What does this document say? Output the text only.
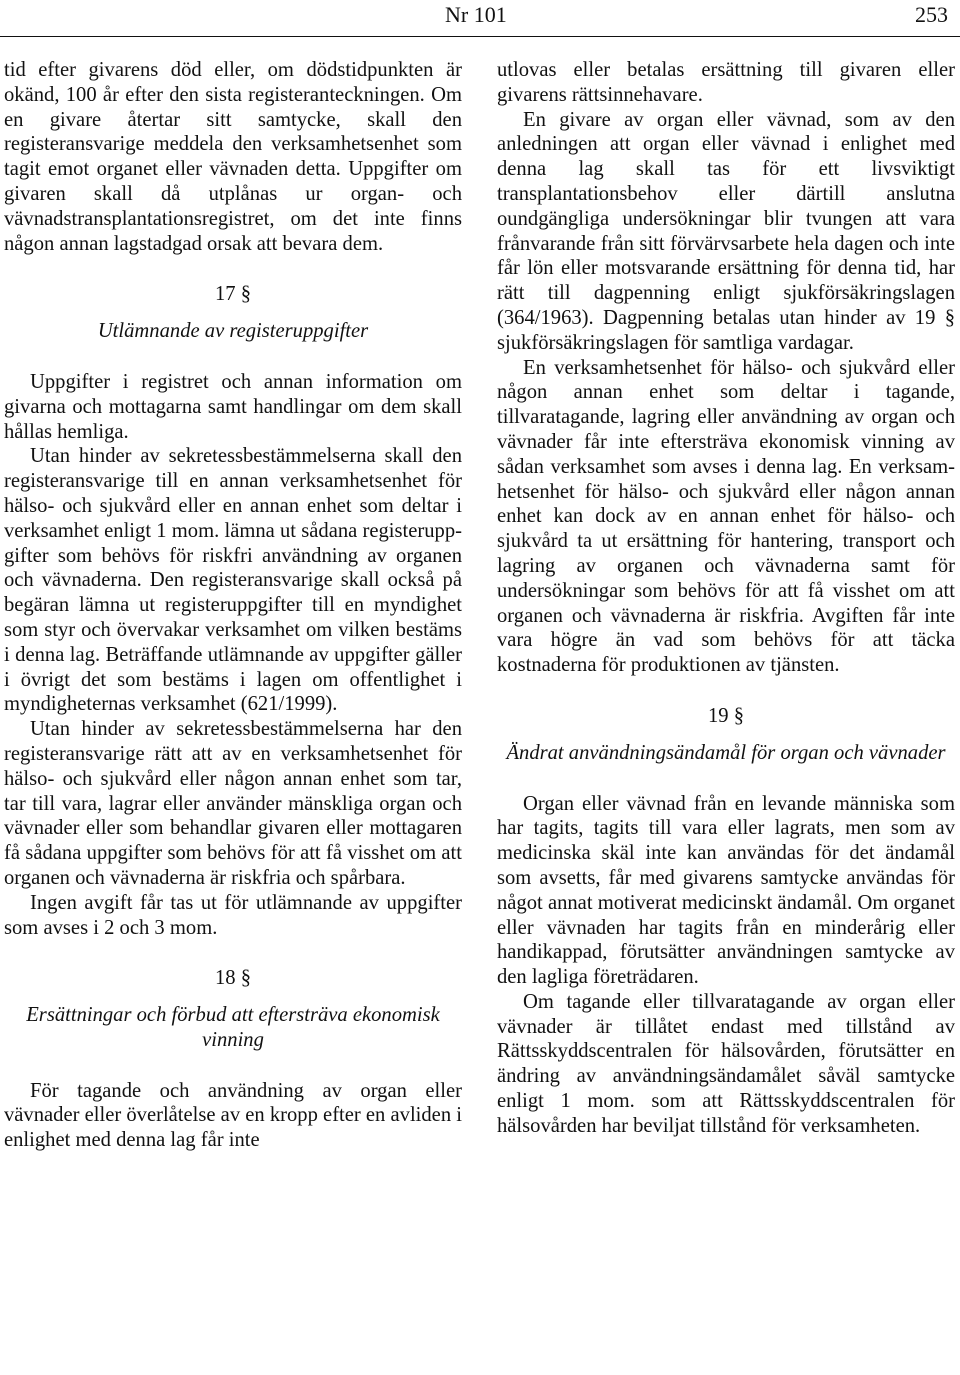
Nr 101	253

tid efter givarens död eller, om dödstidpunkten är okänd, 100 år efter den sista registeranteckningen. Om en givare återtar sitt samtycke, skall den registeransvarige meddela den verksamhetsenhet som tagit emot organet eller vävnaden detta. Uppgifter om givaren skall då utplånas ur organ- och vävnadstransplantationsregistret, om det inte finns någon annan lagstadgad orsak att bevara dem.

17 §
Utlämnande av registeruppgifter

Uppgifter i registret och annan information om givarna och mottagarna samt handlingar om dem skall hållas hemliga.

Utan hinder av sekretessbestämmelserna skall den registeransvarige till en annan verksamhetsenhet för hälso- och sjukvård eller en annan enhet som deltar i verksamhet enligt 1 mom. lämna ut sådana registeruppgifter som behövs för riskfri användning av organen och vävnaderna. Den registeransvarige skall också på begäran lämna ut registeruppgifter till en myndighet som styr och övervakar verksamhet om vilken bestäms i denna lag. Beträffande utlämnande av uppgifter gäller i övrigt det som bestäms i lagen om offentlighet i myndigheternas verksamhet (621/1999).

Utan hinder av sekretessbestämmelserna har den registeransvarige rätt att av en verksamhetsenhet för hälso- och sjukvård eller någon annan enhet som tar, tar till vara, lagrar eller använder mänskliga organ och vävnader eller som behandlar givaren eller mottagaren få sådana uppgifter som behövs för att få visshet om att organen och vävnaderna är riskfria och spårbara.

Ingen avgift får tas ut för utlämnande av uppgifter som avses i 2 och 3 mom.

18 §
Ersättningar och förbud att eftersträva ekonomisk vinning

För tagande och användning av organ eller vävnader eller överlåtelse av en kropp efter en avliden i enlighet med denna lag får inte

utlovas eller betalas ersättning till givaren eller givarens rättsinnehavare.

En givare av organ eller vävnad, som av den anledningen att organ eller vävnad i enlighet med denna lag skall tas för ett livsviktigt transplantationsbehov eller därtill anslutna oundgängliga undersökningar blir tvungen att vara frånvarande från sitt förvärvsarbete hela dagen och inte får lön eller motsvarande ersättning för denna tid, har rätt till dagpenning enligt sjukförsäkringslagen (364/1963). Dagpenning betalas utan hinder av 19 § sjukförsäkringslagen för samtliga vardagar.

En verksamhetsenhet för hälso- och sjukvård eller någon annan enhet som deltar i tagande, tillvaratagande, lagring eller användning av organ och vävnader får inte eftersträva ekonomisk vinning av sådan verksamhet som avses i denna lag. En verksamhetsenhet för hälso- och sjukvård eller någon annan enhet kan dock av en annan enhet för hälso- och sjukvård ta ut ersättning för hantering, transport och lagring av organen och vävnaderna samt för undersökningar som behövs för att få visshet om att organen och vävnaderna är riskfria. Avgiften får inte vara högre än vad som behövs för att täcka kostnaderna för produktionen av tjänsten.

19 §
Ändrat användningsändamål för organ och vävnader

Organ eller vävnad från en levande människa som har tagits, tagits till vara eller lagrats, men som av medicinska skäl inte kan användas för det ändamål som avsetts, får med givarens samtycke användas för något annat motiverat medicinskt ändamål. Om organet eller vävnaden har tagits från en minderårig eller handikappad, förutsätter användningen samtycke av den lagliga företrädaren.

Om tagande eller tillvaratagande av organ eller vävnader är tillåtet endast med tillstånd av Rättsskyddscentralen för hälsovården, förutsätter en ändring av användningsändamålet såväl samtycke enligt 1 mom. som att Rättsskyddscentralen för hälsovården har beviljat tillstånd för verksamheten.
